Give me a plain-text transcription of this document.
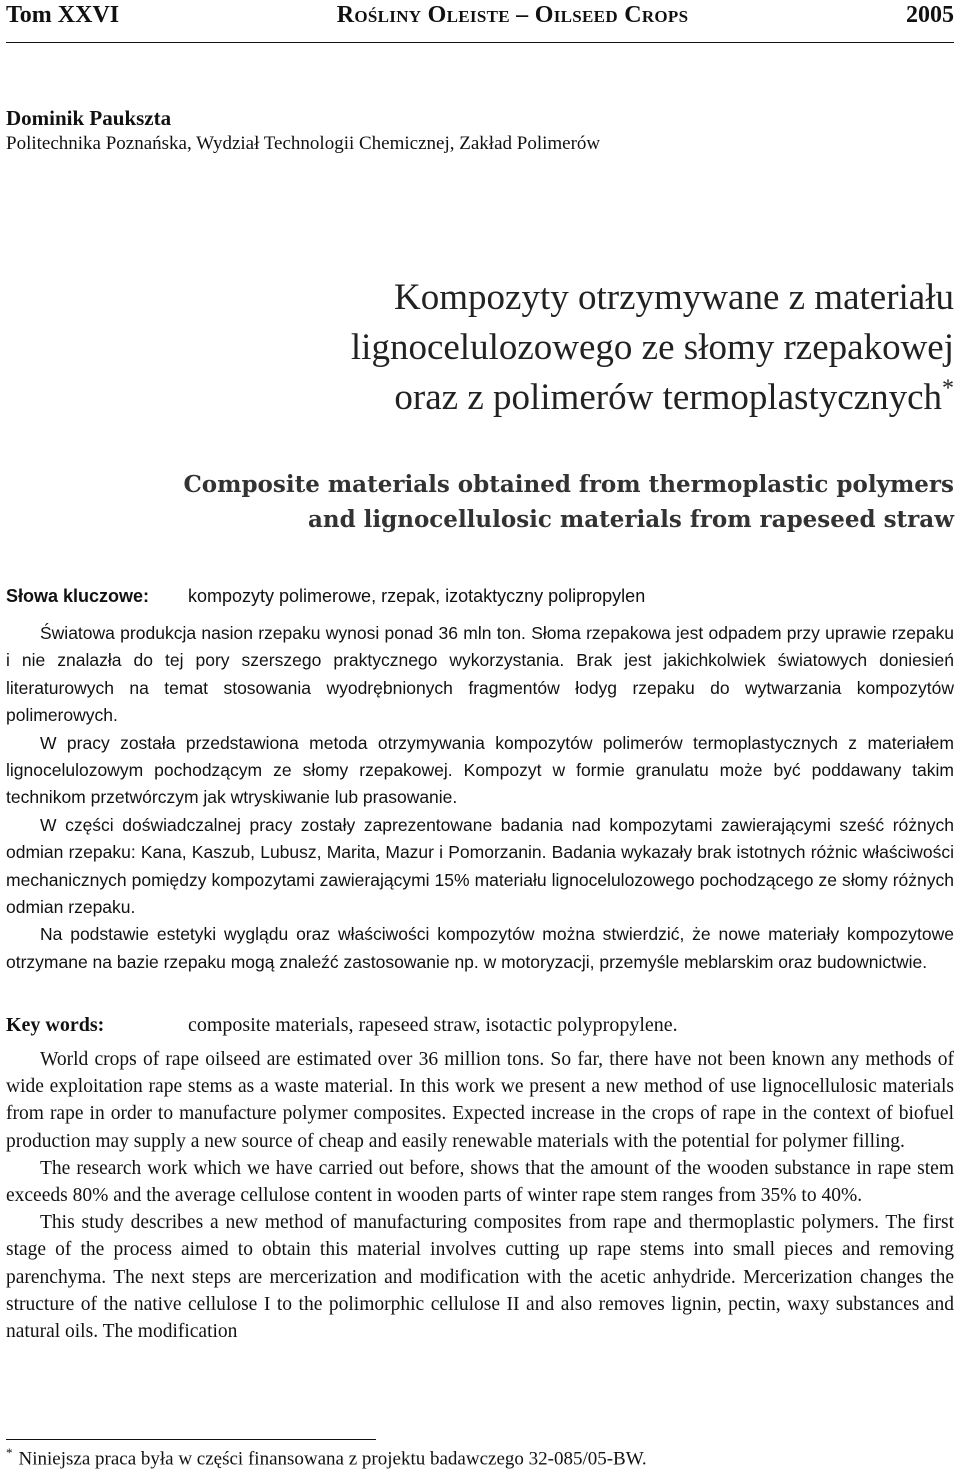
Tom XXVI	Rośliny Oleiste – Oilseed Crops	2005
Dominik Paukszta
Politechnika Poznańska, Wydział Technologii Chemicznej, Zakład Polimerów
Kompozyty otrzymywane z materiału
lignocelulozowego ze słomy rzepakowej
oraz z polimerów termoplastycznych*
Composite materials obtained from thermoplastic polymers
and lignocellulosic materials from rapeseed straw
Słowa kluczowe: kompozyty polimerowe, rzepak, izotaktyczny polipropylen

Światowa produkcja nasion rzepaku wynosi ponad 36 mln ton. Słoma rzepakowa jest odpadem przy uprawie rzepaku i nie znalazła do tej pory szerszego praktycznego wykorzystania. Brak jest jakichkolwiek światowych doniesień literaturowych na temat stosowania wyodrębnionych fragmentów łodyg rzepaku do wytwarzania kompozytów polimerowych.

W pracy została przedstawiona metoda otrzymywania kompozytów polimerów termoplastycznych z materiałem lignocelulozowym pochodzącym ze słomy rzepakowej. Kompozyt w formie granulatu może być poddawany takim technikom przetwórczym jak wtryskiwanie lub prasowanie.

W części doświadczalnej pracy zostały zaprezentowane badania nad kompozytami zawierającymi sześć różnych odmian rzepaku: Kana, Kaszub, Lubusz, Marita, Mazur i Pomorzanin. Badania wykazały brak istotnych różnic właściwości mechanicznych pomiędzy kompozytami zawierającymi 15% materiału lignocelulozowego pochodzącego ze słomy różnych odmian rzepaku.

Na podstawie estetyki wyglądu oraz właściwości kompozytów można stwierdzić, że nowe materiały kompozytowe otrzymane na bazie rzepaku mogą znaleźć zastosowanie np. w motoryzacji, przemyśle meblarskim oraz budownictwie.

Key words:	composite materials, rapeseed straw, isotactic polypropylene.

World crops of rape oilseed are estimated over 36 million tons. So far, there have not been known any methods of wide exploitation rape stems as a waste material. In this work we present a new method of use lignocellulosic materials from rape in order to manufacture polymer composites. Expected increase in the crops of rape in the context of biofuel production may supply a new source of cheap and easily renewable materials with the potential for polymer filling.

The research work which we have carried out before, shows that the amount of the wooden substance in rape stem exceeds 80% and the average cellulose content in wooden parts of winter rape stem ranges from 35% to 40%.

This study describes a new method of manufacturing composites from rape and thermoplastic polymers. The first stage of the process aimed to obtain this material involves cutting up rape stems into small pieces and removing parenchyma. The next steps are mercerization and modification with the acetic anhydride. Mercerization changes the structure of the native cellulose I to the polimorphic cellulose II and also removes lignin, pectin, waxy substances and natural oils. The modification

* Niniejsza praca była w części finansowana z projektu badawczego 32-085/05-BW.
